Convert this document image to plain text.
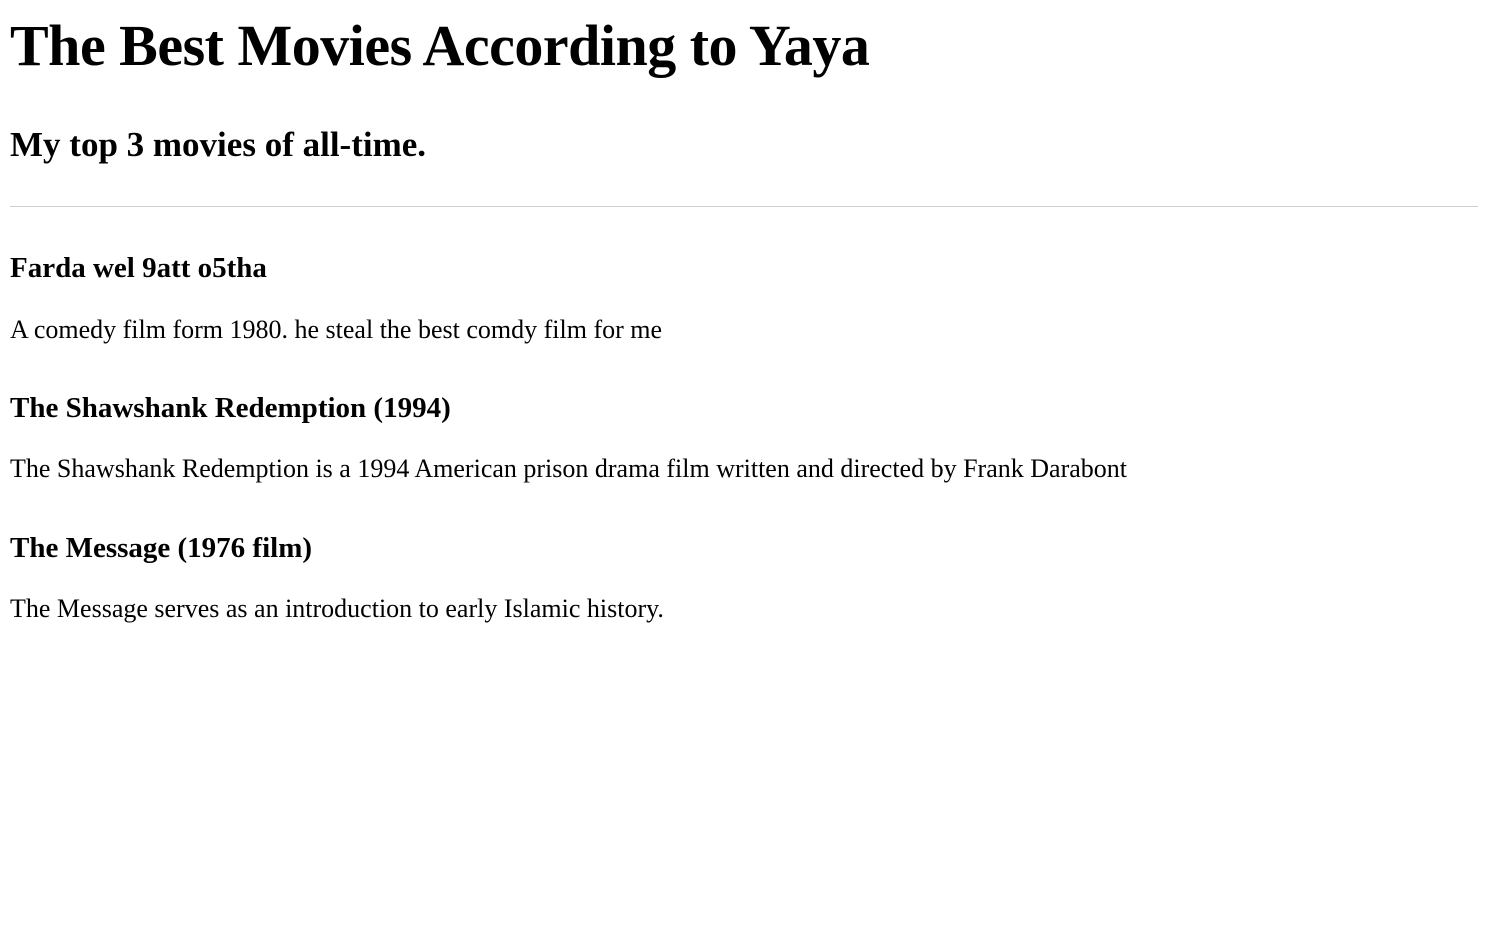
The Best Movies According to Yaya
My top 3 movies of all-time.
Farda wel 9att o5tha

A comedy film form 1980. he steal the best comdy film for me

The Shawshank Redemption (1994)

The Shawshank Redemption is a 1994 American prison drama film written and directed by Frank Darabont

The Message (1976 film)

The Message serves as an introduction to early Islamic history.
